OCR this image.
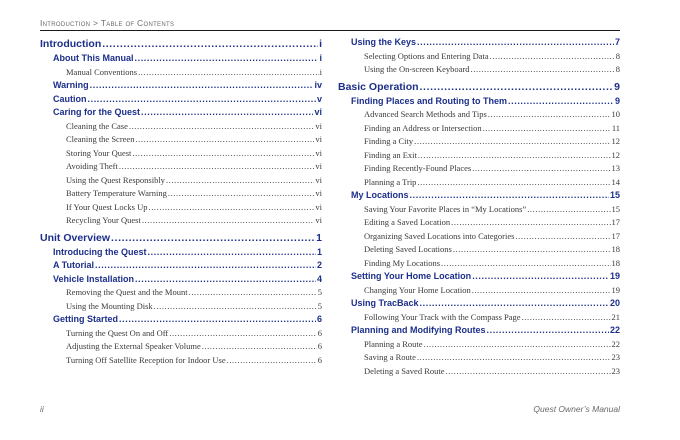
Introduction > Table of Contents
Introduction .....	i
About This Manual .....	i
Manual Conventions .....	i
Warning .....	iv
Caution .....	v
Caring for the Quest .....	vi
Cleaning the Case .....	vi
Cleaning the Screen .....	vi
Storing Your Quest .....	vi
Avoiding Theft .....	vi
Using the Quest Responsibly .....	vi
Battery Temperature Warning .....	vi
If Your Quest Locks Up .....	vi
Recycling Your Quest .....	vi
Unit Overview .....	1
Introducing the Quest .....	1
A Tutorial .....	2
Vehicle Installation .....	4
Removing the Quest and the Mount .....	5
Using the Mounting Disk .....	5
Getting Started .....	6
Turning the Quest On and Off .....	6
Adjusting the External Speaker Volume .....	6
Turning Off Satellite Reception for Indoor Use .....	6
Using the Keys .....	7
Selecting Options and Entering Data .....	8
Using the On-screen Keyboard .....	8
Basic Operation .....	9
Finding Places and Routing to Them .....	9
Advanced Search Methods and Tips .....	10
Finding an Address or Intersection .....	11
Finding a City .....	12
Finding an Exit .....	12
Finding Recently-Found Places .....	13
Planning a Trip .....	14
My Locations .....	15
Saving Your Favorite Places in “My Locations” .....	15
Editing a Saved Location .....	17
Organizing Saved Locations into Categories .....	17
Deleting Saved Locations .....	18
Finding My Locations .....	18
Setting Your Home Location .....	19
Changing Your Home Location .....	19
Using TracBack .....	20
Following Your Track with the Compass Page .....	21
Planning and Modifying Routes .....	22
Planning a Route .....	22
Saving a Route .....	23
Deleting a Saved Route .....	23
ii	Quest Owner’s Manual
